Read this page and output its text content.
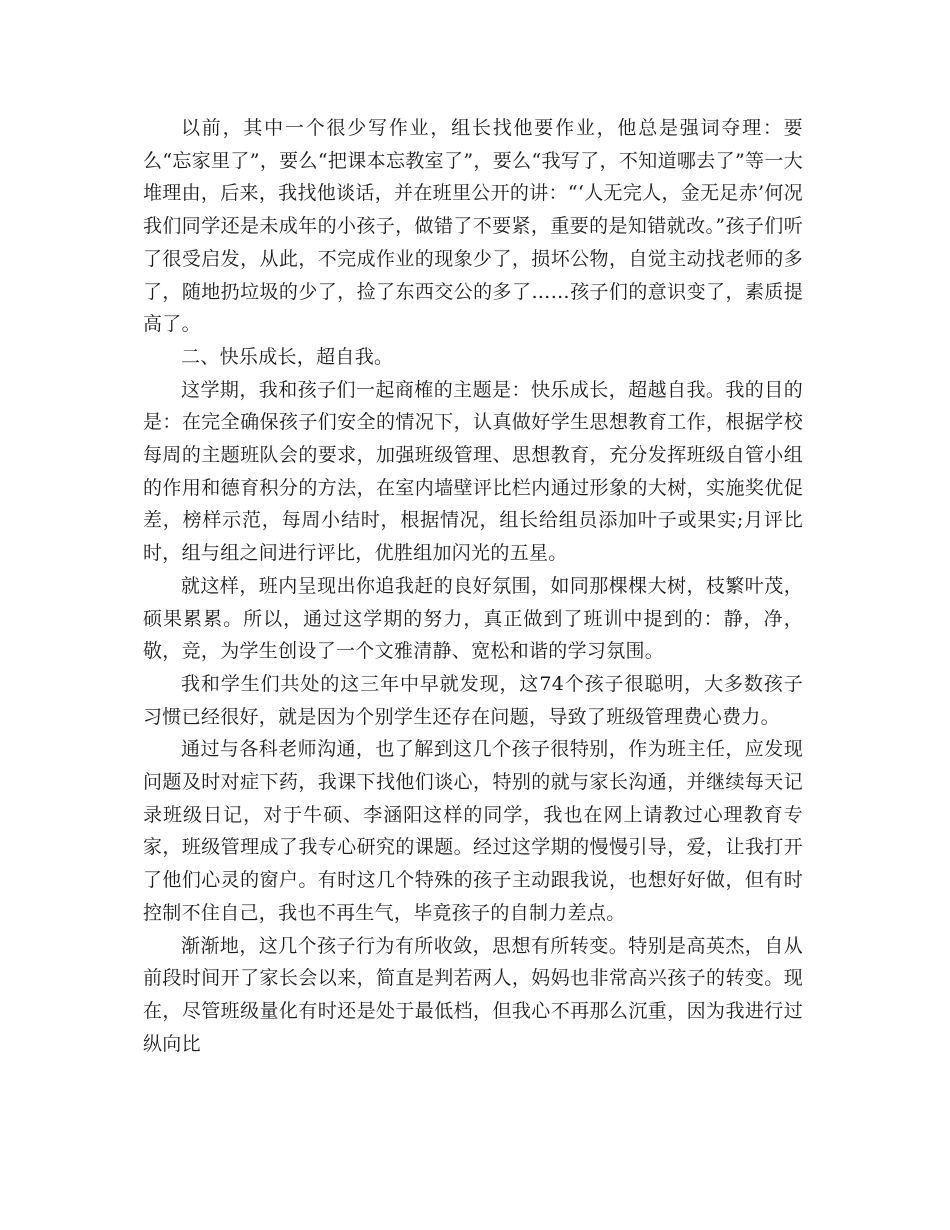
以前，其中一个很少写作业，组长找他要作业，他总是强词夺理：要么“忘家里了”，要么“把课本忘教室了”，要么“我写了，不知道哪去了”等一大堆理由，后来，我找他谈话，并在班里公开的讲：“‘人无完人，金无足赤’何况我们同学还是未成年的小孩子，做错了不要紧，重要的是知错就改。”孩子们听了很受启发，从此，不完成作业的现象少了，损坏公物，自觉主动找老师的多了，随地扔垃圾的少了，捡了东西交公的多了……孩子们的意识变了，素质提高了。

二、快乐成长，超自我。

这学期，我和孩子们一起商榷的主题是：快乐成长，超越自我。我的目的是：在完全确保孩子们安全的情况下，认真做好学生思想教育工作，根据学校每周的主题班队会的要求，加强班级管理、思想教育，充分发挥班级自管小组的作用和德育积分的方法，在室内墙壁评比栏内通过形象的大树，实施奖优促差，榜样示范，每周小结时，根据情况，组长给组员添加叶子或果实;月评比时，组与组之间进行评比，优胜组加闪光的五星。

就这样，班内呈现出你追我赶的良好氛围，如同那棵棵大树，枝繁叶茂，硕果累累。所以，通过这学期的努力，真正做到了班训中提到的：静，净，敬，竞，为学生创设了一个文雅清静、宽松和谐的学习氛围。

我和学生们共处的这三年中早就发现，这74个孩子很聪明，大多数孩子习惯已经很好，就是因为个别学生还存在问题，导致了班级管理费心费力。

通过与各科老师沟通，也了解到这几个孩子很特别，作为班主任，应发现问题及时对症下药，我课下找他们谈心，特别的就与家长沟通，并继续每天记录班级日记，对于牛硕、李涵阳这样的同学，我也在网上请教过心理教育专家，班级管理成了我专心研究的课题。经过这学期的慢慢引导，爱，让我打开了他们心灵的窗户。有时这几个特殊的孩子主动跟我说，也想好好做，但有时控制不住自己，我也不再生气，毕竟孩子的自制力差点。

渐渐地，这几个孩子行为有所收敛，思想有所转变。特别是高英杰，自从前段时间开了家长会以来，简直是判若两人，妈妈也非常高兴孩子的转变。现在，尽管班级量化有时还是处于最低档，但我心不再那么沉重，因为我进行过纵向比
